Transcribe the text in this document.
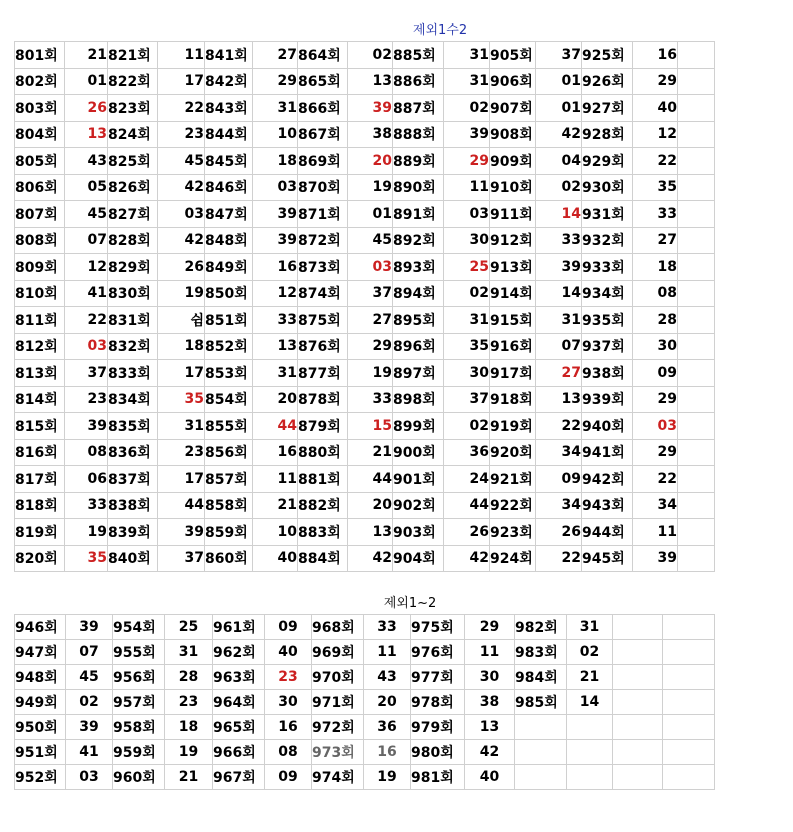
제외1수2
801회	21	821회	11	841회	27	864회	02	885회	31	905회	37	925회	16	
802회	01	822회	17	842회	29	865회	13	886회	31	906회	01	926회	29	
803회	26	823회	22	843회	31	866회	39	887회	02	907회	01	927회	40	
804회	13	824회	23	844회	10	867회	38	888회	39	908회	42	928회	12	
805회	43	825회	45	845회	18	869회	20	889회	29	909회	04	929회	22	
806회	05	826회	42	846회	03	870회	19	890회	11	910회	02	930회	35	
807회	45	827회	03	847회	39	871회	01	891회	03	911회	14	931회	33	
808회	07	828회	42	848회	39	872회	45	892회	30	912회	33	932회	27	
809회	12	829회	26	849회	16	873회	03	893회	25	913회	39	933회	18	
810회	41	830회	19	850회	12	874회	37	894회	02	914회	14	934회	08	
811회	22	831회	쉼	851회	33	875회	27	895회	31	915회	31	935회	28	
812회	03	832회	18	852회	13	876회	29	896회	35	916회	07	937회	30	
813회	37	833회	17	853회	31	877회	19	897회	30	917회	27	938회	09	
814회	23	834회	35	854회	20	878회	33	898회	37	918회	13	939회	29	
815회	39	835회	31	855회	44	879회	15	899회	02	919회	22	940회	03	
816회	08	836회	23	856회	16	880회	21	900회	36	920회	34	941회	29	
817회	06	837회	17	857회	11	881회	44	901회	24	921회	09	942회	22	
818회	33	838회	44	858회	21	882회	20	902회	44	922회	34	943회	34	
819회	19	839회	39	859회	10	883회	13	903회	26	923회	26	944회	11	
820회	35	840회	37	860회	40	884회	42	904회	42	924회	22	945회	39	
제외1~2
946회	39	954회	25	961회	09	968회	33	975회	29	982회	31		
947회	07	955회	31	962회	40	969회	11	976회	11	983회	02		
948회	45	956회	28	963회	23	970회	43	977회	30	984회	21		
949회	02	957회	23	964회	30	971회	20	978회	38	985회	14		
950회	39	958회	18	965회	16	972회	36	979회	13				
951회	41	959회	19	966회	08	973회	16	980회	42				
952회	03	960회	21	967회	09	974회	19	981회	40				
